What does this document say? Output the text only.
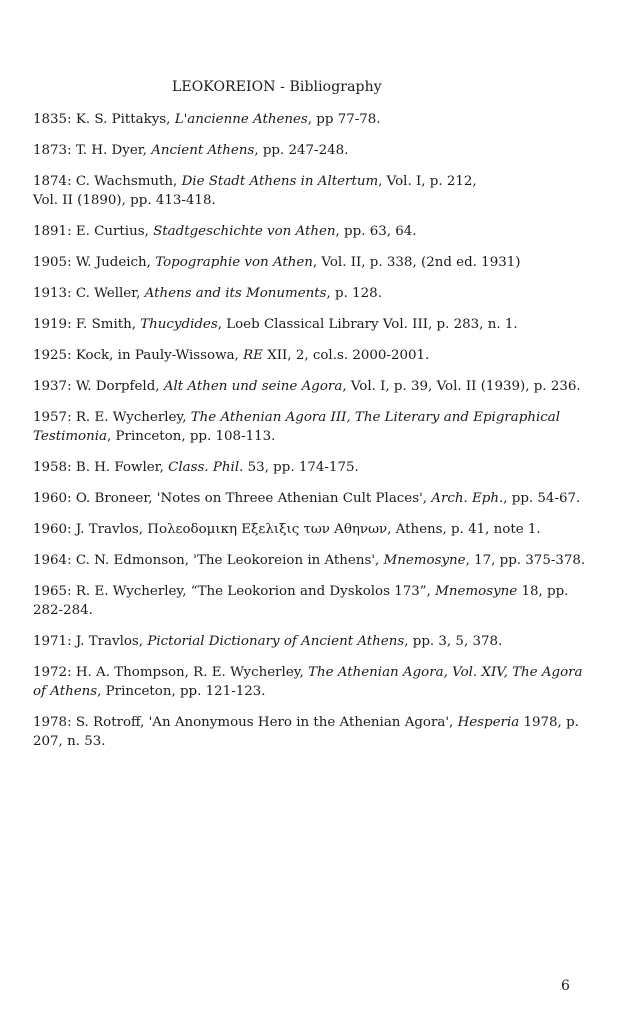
LEOKOREION - Bibliography

1835: K. S. Pittakys, L'ancienne Athenes, pp 77-78.

1873: T. H. Dyer, Ancient Athens, pp. 247-248.

1874: C. Wachsmuth, Die Stadt Athens in Altertum, Vol. I, p. 212,
Vol. II (1890), pp. 413-418.

1891: E. Curtius, Stadtgeschichte von Athen, pp. 63, 64.

1905: W. Judeich, Topographie von Athen, Vol. II, p. 338, (2nd ed. 1931)

1913: C. Weller, Athens and its Monuments, p. 128.

1919: F. Smith, Thucydides, Loeb Classical Library Vol. III, p. 283, n. 1.

1925: Kock, in Pauly-Wissowa, RE XII, 2, col.s. 2000-2001.

1937: W. Dorpfeld, Alt Athen und seine Agora, Vol. I, p. 39, Vol. II (1939), p. 236.

1957: R. E. Wycherley, The Athenian Agora III, The Literary and Epigraphical
Testimonia, Princeton, pp. 108-113.

1958: B. H. Fowler, Class. Phil. 53, pp. 174-175.

1960: O. Broneer, 'Notes on Threee Athenian Cult Places', Arch. Eph., pp. 54-67.

1960: J. Travlos, Πολεοδομικη Εξελιξις των Αθηνων, Athens, p. 41, note 1.

1964: C. N. Edmonson, 'The Leokoreion in Athens', Mnemosyne, 17, pp. 375-378.

1965: R. E. Wycherley, “The Leokorion and Dyskolos 173”, Mnemosyne 18, pp.
282-284.

1971: J. Travlos, Pictorial Dictionary of Ancient Athens, pp. 3, 5, 378.

1972: H. A. Thompson, R. E. Wycherley, The Athenian Agora, Vol. XIV, The Agora
of Athens, Princeton, pp. 121-123.

1978: S. Rotroff, 'An Anonymous Hero in the Athenian Agora', Hesperia 1978, p.
207, n. 53.

6
